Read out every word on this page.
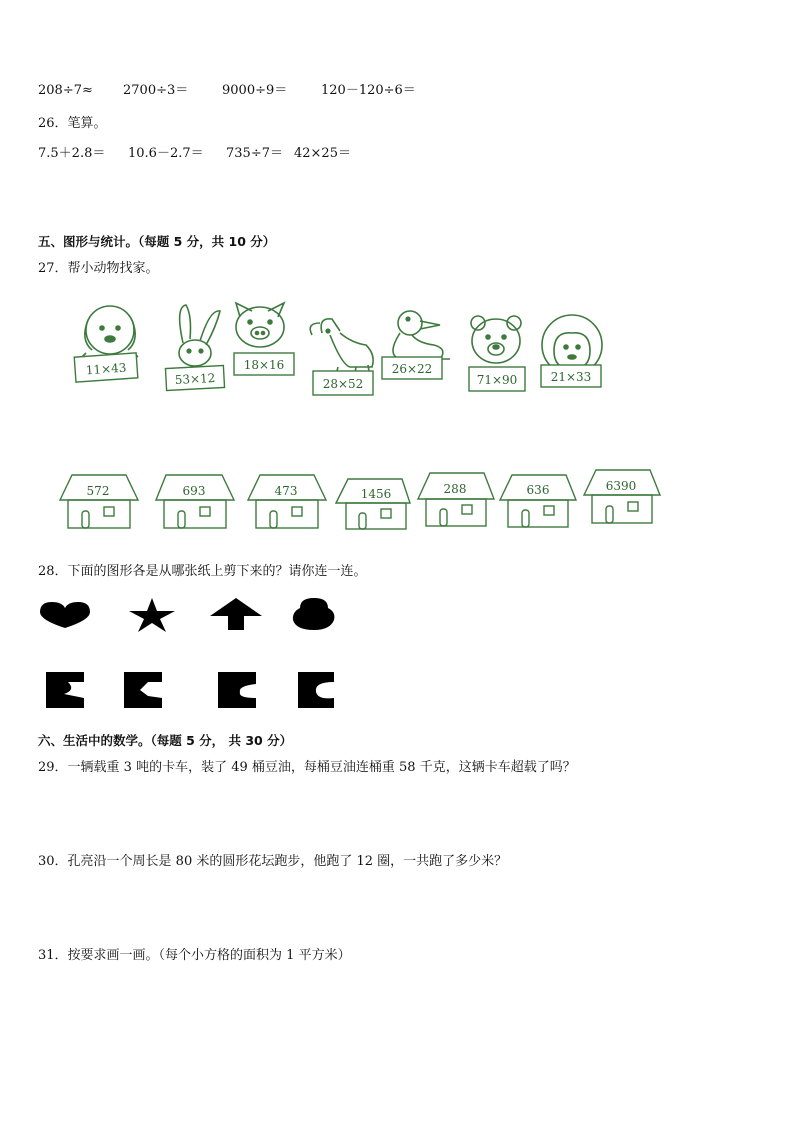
208÷7≈	2700÷3＝	9000÷9＝	120－120÷6＝
26．笔算。
7.5＋2.8＝	10.6－2.7＝	735÷7＝ 42×25＝
五、图形与统计。（每题 5 分，共 10 分）
27．帮小动物找家。
11×43
53×12
18×16
28×52
26×22
71×90	21×33
572	693	473	1456	288	636	6390
28．下面的图形各是从哪张纸上剪下来的？请你连一连。
六、生活中的数学。（每题 5 分， 共 30 分）
29．一辆载重 3 吨的卡车，装了 49 桶豆油，每桶豆油连桶重 58 千克，这辆卡车超载了吗？
30．孔亮沿一个周长是 80 米的圆形花坛跑步，他跑了 12 圈，一共跑了多少米？
31．按要求画一画。（每个小方格的面积为 1 平方米）
